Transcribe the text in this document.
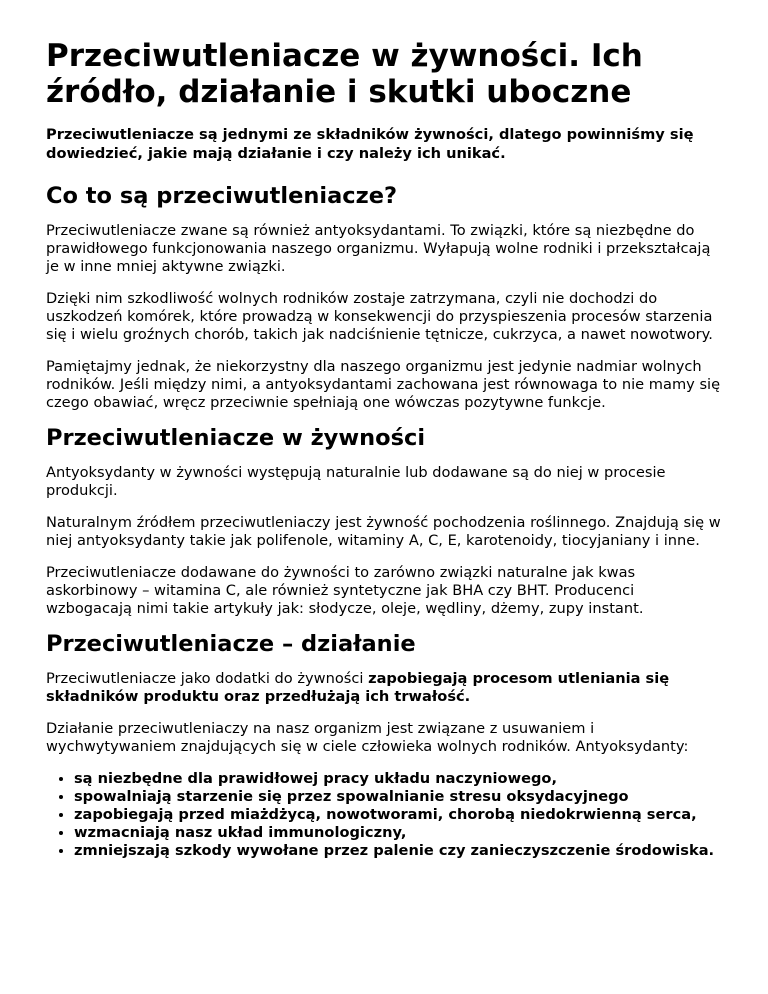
Przeciwutleniacze w żywności. Ich źródło, działanie i skutki uboczne

Przeciwutleniacze są jednymi ze składników żywności, dlatego powinniśmy się dowiedzieć, jakie mają działanie i czy należy ich unikać.

Co to są przeciwutleniacze?

Przeciwutleniacze zwane są również antyoksydantami. To związki, które są niezbędne do prawidłowego funkcjonowania naszego organizmu. Wyłapują wolne rodniki i przekształcają je w inne mniej aktywne związki.

Dzięki nim szkodliwość wolnych rodników zostaje zatrzymana, czyli nie dochodzi do uszkodzeń komórek, które prowadzą w konsekwencji do przyspieszenia procesów starzenia się i wielu groźnych chorób, takich jak nadciśnienie tętnicze, cukrzyca, a nawet nowotwory.

Pamiętajmy jednak, że niekorzystny dla naszego organizmu jest jedynie nadmiar wolnych rodników. Jeśli między nimi, a antyoksydantami zachowana jest równowaga to nie mamy się czego obawiać, wręcz przeciwnie spełniają one wówczas pozytywne funkcje.

Przeciwutleniacze w żywności

Antyoksydanty w żywności występują naturalnie lub dodawane są do niej w procesie produkcji.

Naturalnym źródłem przeciwutleniaczy jest żywność pochodzenia roślinnego. Znajdują się w niej antyoksydanty takie jak polifenole, witaminy A, C, E, karotenoidy, tiocyjaniany i inne.

Przeciwutleniacze dodawane do żywności to zarówno związki naturalne jak kwas askorbinowy – witamina C, ale również syntetyczne jak BHA czy BHT. Producenci wzbogacają nimi takie artykuły jak: słodycze, oleje, wędliny, dżemy, zupy instant.

Przeciwutleniacze – działanie

Przeciwutleniacze jako dodatki do żywności zapobiegają procesom utleniania się składników produktu oraz przedłużają ich trwałość.

Działanie przeciwutleniaczy na nasz organizm jest związane z usuwaniem i wychwytywaniem znajdujących się w ciele człowieka wolnych rodników. Antyoksydanty:

• są niezbędne dla prawidłowej pracy układu naczyniowego,
• spowalniają starzenie się przez spowalnianie stresu oksydacyjnego
• zapobiegają przed miażdżycą, nowotworami, chorobą niedokrwienną serca,
• wzmacniają nasz układ immunologiczny,
• zmniejszają szkody wywołane przez palenie czy zanieczyszczenie środowiska.
